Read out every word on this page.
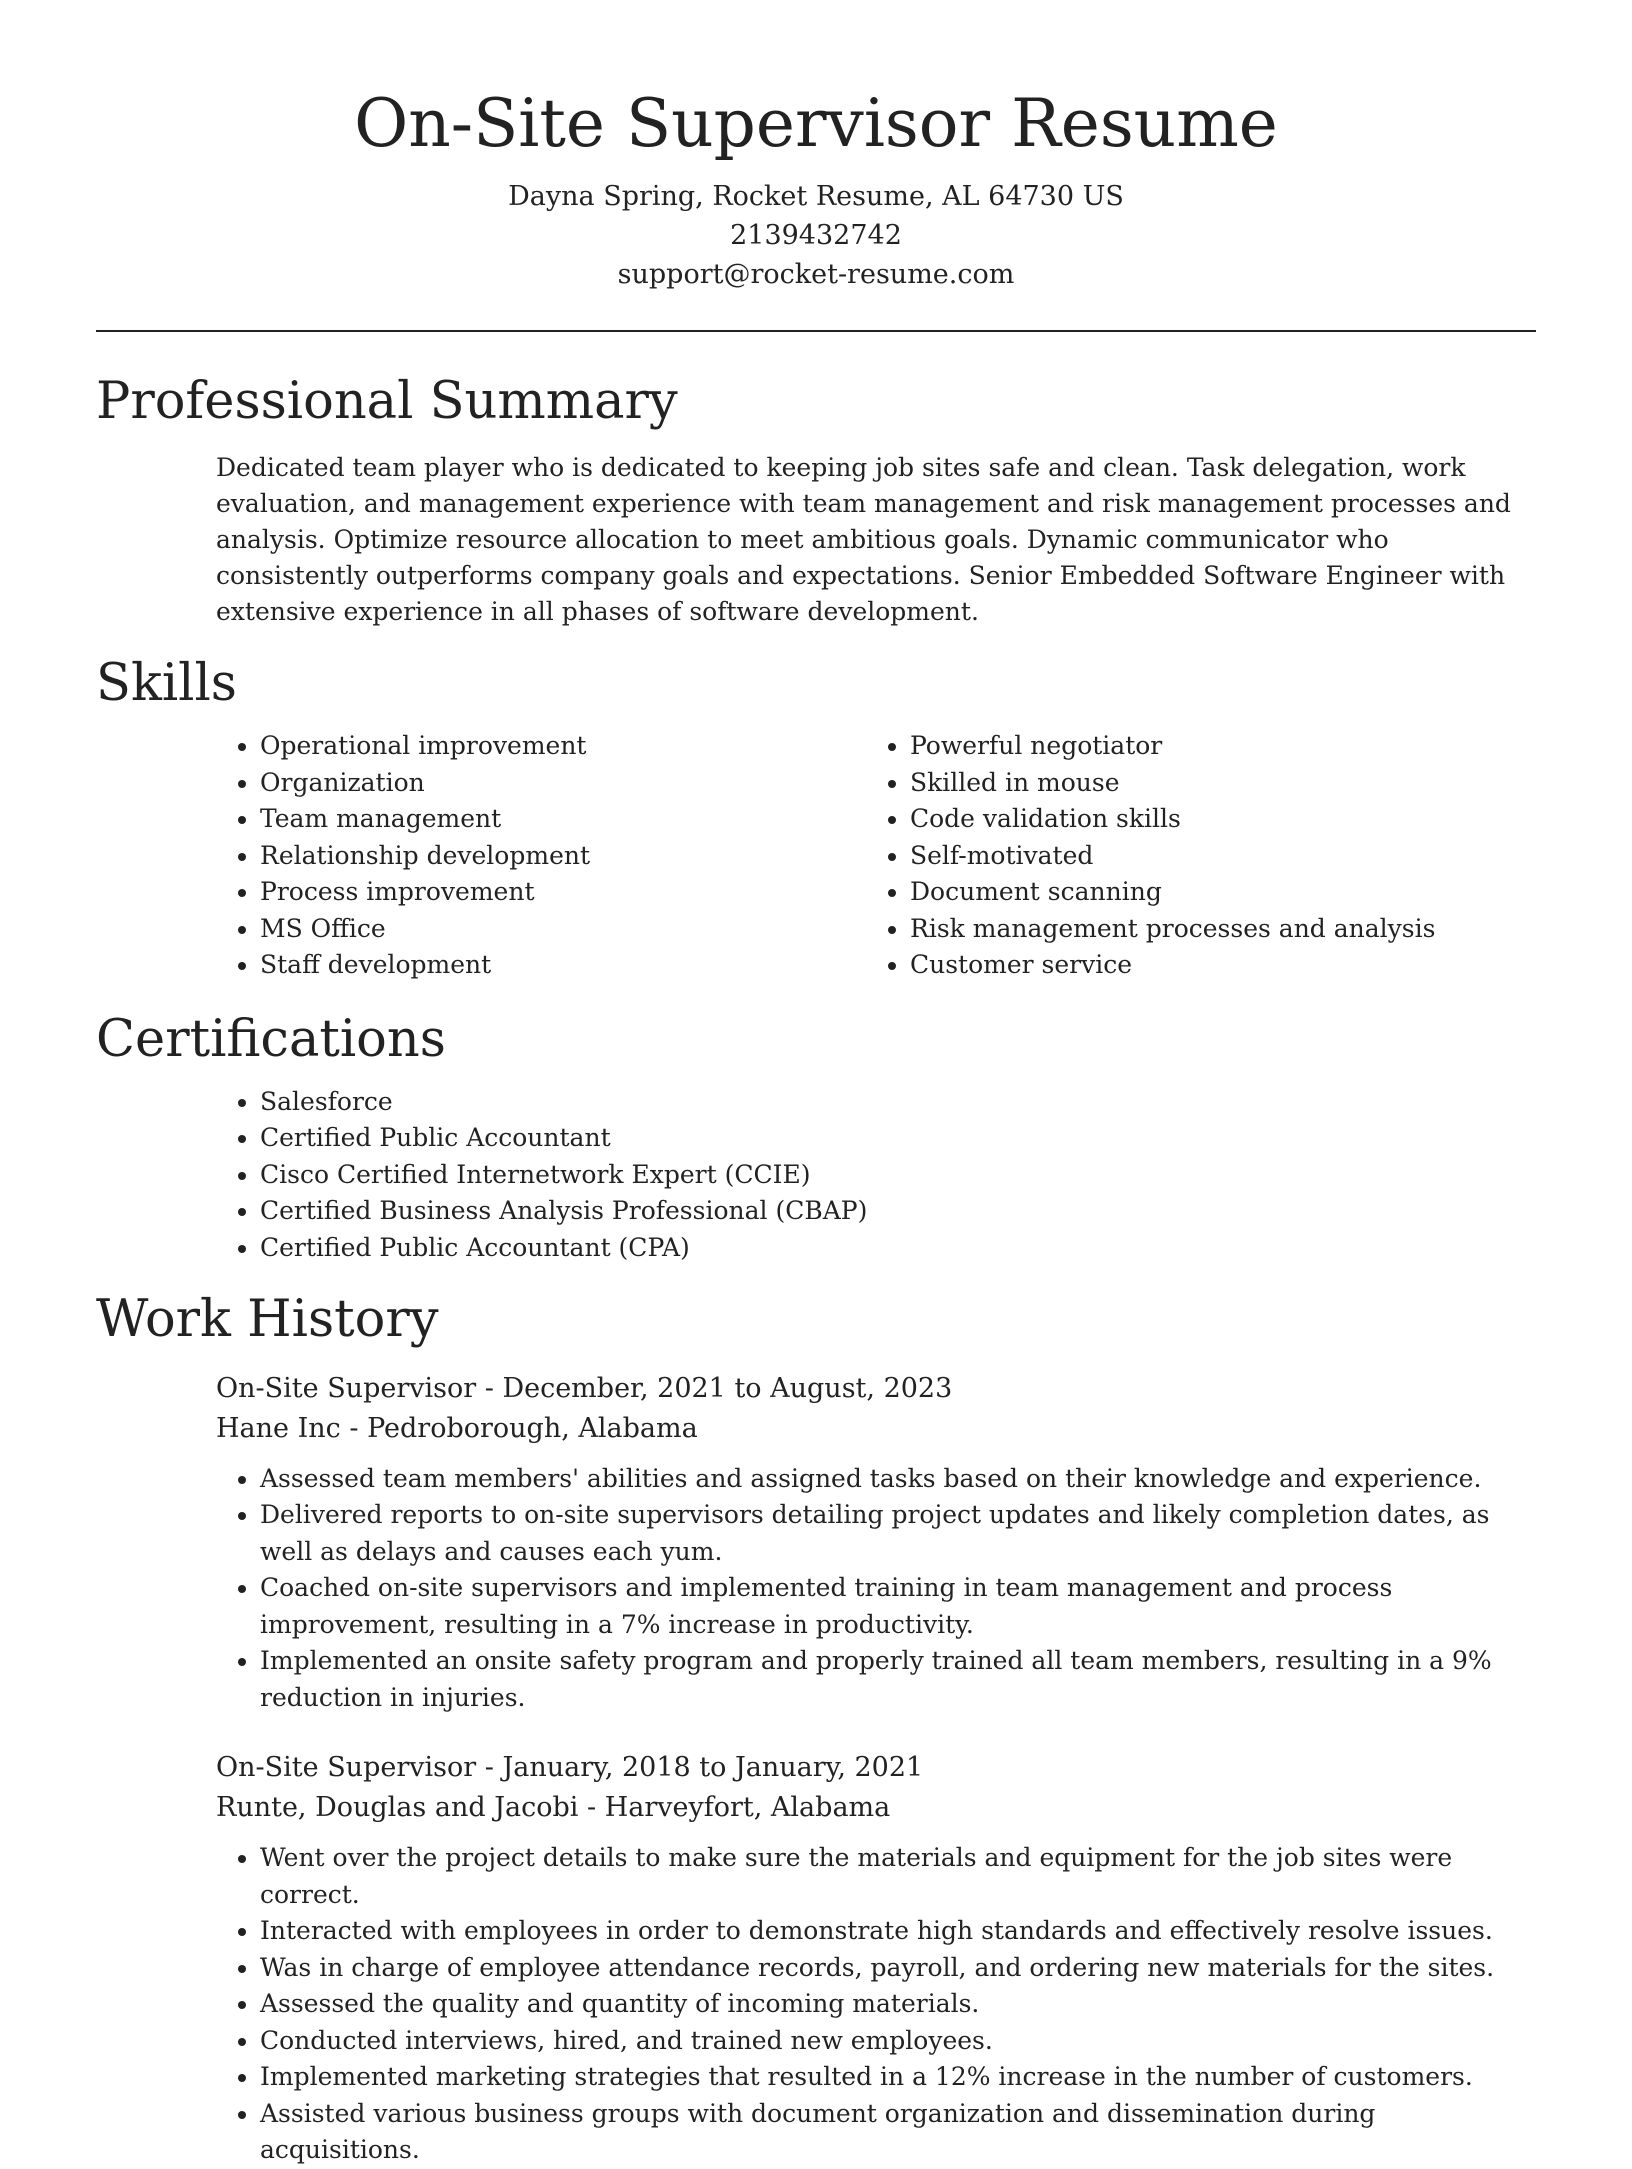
On-Site Supervisor Resume
Dayna Spring, Rocket Resume, AL 64730 US
2139432742
support@rocket-resume.com
Professional Summary

Dedicated team player who is dedicated to keeping job sites safe and clean. Task delegation, work evaluation, and management experience with team management and risk management processes and analysis. Optimize resource allocation to meet ambitious goals. Dynamic communicator who consistently outperforms company goals and expectations. Senior Embedded Software Engineer with extensive experience in all phases of software development.

Skills
• Operational improvement
• Organization
• Team management
• Relationship development
• Process improvement
• MS Office
• Staff development
• Powerful negotiator
• Skilled in mouse
• Code validation skills
• Self-motivated
• Document scanning
• Risk management processes and analysis
• Customer service
Certifications
• Salesforce
• Certified Public Accountant
• Cisco Certified Internetwork Expert (CCIE)
• Certified Business Analysis Professional (CBAP)
• Certified Public Accountant (CPA)
Work History
On-Site Supervisor - December, 2021 to August, 2023
Hane Inc - Pedroborough, Alabama
• Assessed team members' abilities and assigned tasks based on their knowledge and experience.
• Delivered reports to on-site supervisors detailing project updates and likely completion dates, as well as delays and causes each yum.
• Coached on-site supervisors and implemented training in team management and process improvement, resulting in a 7% increase in productivity.
• Implemented an onsite safety program and properly trained all team members, resulting in a 9% reduction in injuries.
On-Site Supervisor - January, 2018 to January, 2021
Runte, Douglas and Jacobi - Harveyfort, Alabama
• Went over the project details to make sure the materials and equipment for the job sites were correct.
• Interacted with employees in order to demonstrate high standards and effectively resolve issues.
• Was in charge of employee attendance records, payroll, and ordering new materials for the sites.
• Assessed the quality and quantity of incoming materials.
• Conducted interviews, hired, and trained new employees.
• Implemented marketing strategies that resulted in a 12% increase in the number of customers.
• Assisted various business groups with document organization and dissemination during acquisitions.
